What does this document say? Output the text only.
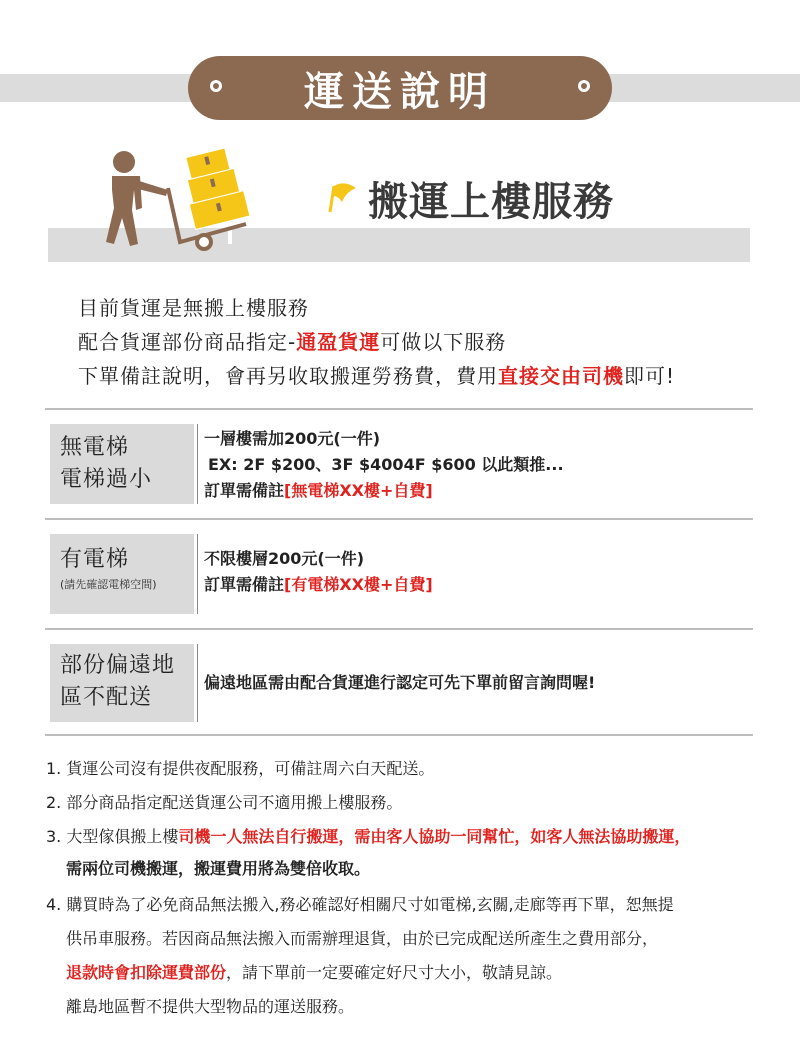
運送說明
搬運上樓服務
目前貨運是無搬上樓服務
配合貨運部份商品指定-通盈貨運可做以下服務
下單備註說明，會再另收取搬運勞務費，費用直接交由司機即可!
無電梯
電梯過小
一層樓需加200元(一件)
EX: 2F $200、3F $4004F $600 以此類推...
訂單需備註[無電梯XX樓+自費]
有電梯
(請先確認電梯空間)
不限樓層200元(一件)
訂單需備註[有電梯XX樓+自費]
部份偏遠地
區不配送
偏遠地區需由配合貨運進行認定可先下單前留言詢問喔!
1. 貨運公司沒有提供夜配服務，可備註周六白天配送。
2. 部分商品指定配送貨運公司不適用搬上樓服務。
3. 大型傢俱搬上樓司機一人無法自行搬運，需由客人協助一同幫忙，如客人無法協助搬運，
需兩位司機搬運，搬運費用將為雙倍收取。
4. 購買時為了必免商品無法搬入,務必確認好相關尺寸如電梯,玄關,走廊等再下單，恕無提
供吊車服務。若因商品無法搬入而需辦理退貨，由於已完成配送所產生之費用部分，
退款時會扣除運費部份，請下單前一定要確定好尺寸大小，敬請見諒。
離島地區暫不提供大型物品的運送服務。
